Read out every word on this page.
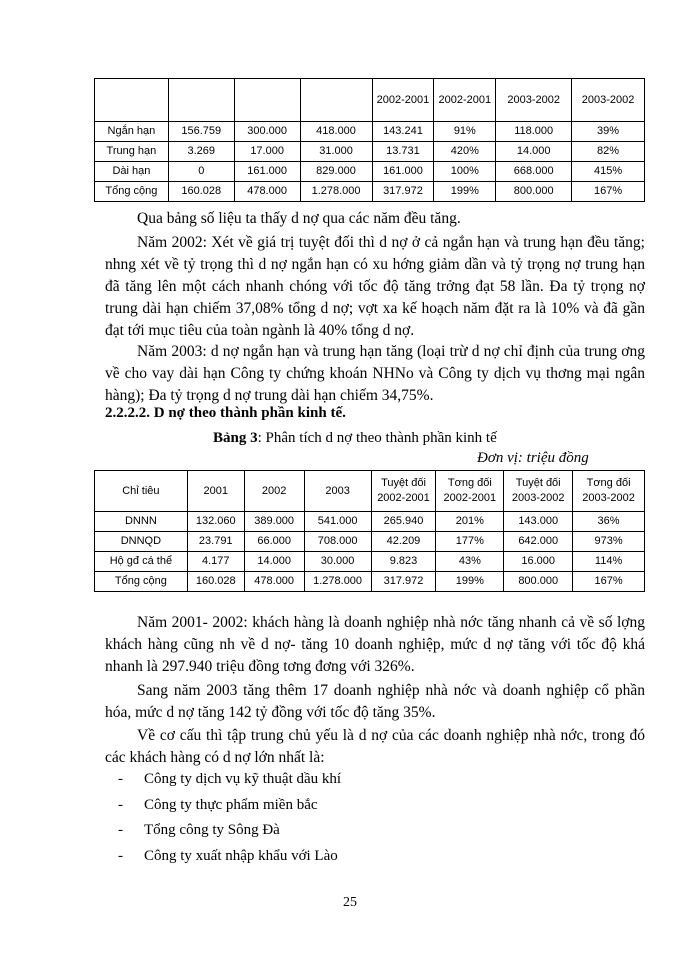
				2002-2001	2002-2001	2003-2002	2003-2002
Ngắn hạn	156.759	300.000	418.000	143.241	91%	118.000	39%
Trung hạn	3.269	17.000	31.000	13.731	420%	14.000	82%
Dài hạn	0	161.000	829.000	161.000	100%	668.000	415%
Tổng cộng	160.028	478.000	1.278.000	317.972	199%	800.000	167%

Qua bảng số liệu ta thấy d nợ qua các năm đều tăng.

Năm 2002: Xét về giá trị tuyệt đối thì d nợ ở cả ngắn hạn và trung hạn đều tăng; nhng xét về tỷ trọng thì d nợ ngắn hạn có xu hớng giảm dần và tỷ trọng nợ trung hạn đã tăng lên một cách nhanh chóng với tốc độ tăng trởng đạt 58 lần. Đa tỷ trọng nợ trung dài hạn chiếm 37,08% tổng d nợ; vợt xa kế hoạch năm đặt ra là 10% và đã gần đạt tới mục tiêu của toàn ngành là 40% tổng d nợ.

Năm 2003: d nợ ngắn hạn và trung hạn tăng (loại trừ d nợ chỉ định của trung ơng về cho vay dài hạn Công ty chứng khoán NHNo và Công ty dịch vụ thơng mại ngân hàng); Đa tỷ trọng d nợ trung dài hạn chiếm 34,75%.

2.2.2.2. D nợ theo thành phần kinh tế.

Bảng 3: Phân tích d nợ theo thành phần kinh tế

Đơn vị: triệu đồng

Chỉ tiêu	2001	2002	2003	Tuyệt đối 2002-2001	Tơng đối 2002-2001	Tuyệt đối 2003-2002	Tơng đối 2003-2002
DNNN	132.060	389.000	541.000	265.940	201%	143.000	36%
DNNQD	23.791	66.000	708.000	42.209	177%	642.000	973%
Hộ gđ cá thể	4.177	14.000	30.000	9.823	43%	16.000	114%
Tổng cộng	160.028	478.000	1.278.000	317.972	199%	800.000	167%

Năm 2001- 2002: khách hàng là doanh nghiệp nhà nớc tăng nhanh cả về số lợng khách hàng cũng nh về d nợ- tăng 10 doanh nghiệp, mức d nợ tăng với tốc độ khá nhanh là 297.940 triệu đồng tơng đơng với 326%.

Sang năm 2003 tăng thêm 17 doanh nghiệp nhà nớc và doanh nghiệp cổ phần hóa, mức d nợ tăng 142 tỷ đồng với tốc độ tăng 35%.

Về cơ cấu thì tập trung chủ yếu là d nợ của các doanh nghiệp nhà nớc, trong đó các khách hàng có d nợ lớn nhất là:

- Công ty dịch vụ kỹ thuật dầu khí
- Công ty thực phẩm miền bắc
- Tổng công ty Sông Đà
- Công ty xuất nhập khẩu với Lào
25
